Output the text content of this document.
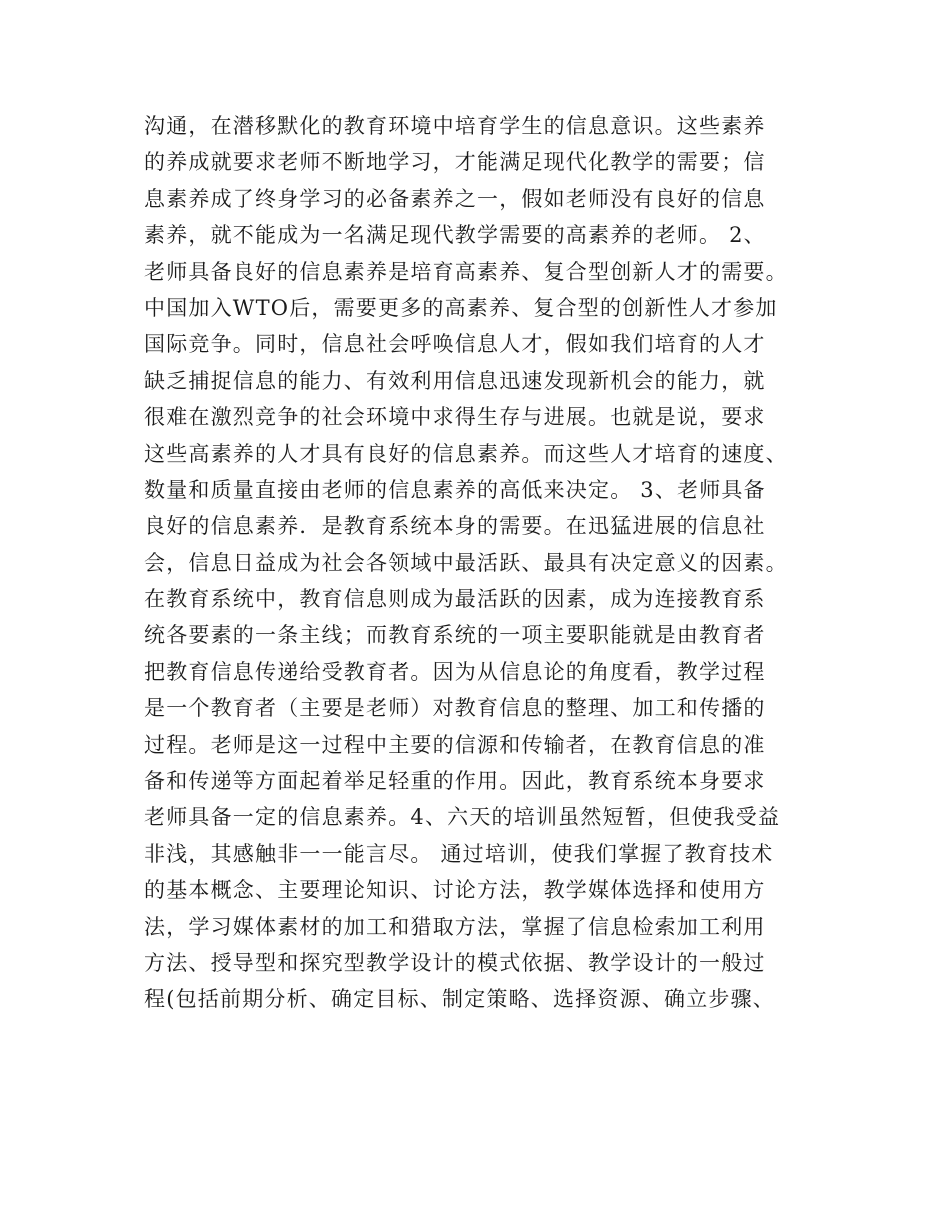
沟通，在潜移默化的教育环境中培育学生的信息意识。这些素养
的养成就要求老师不断地学习，才能满足现代化教学的需要；信
息素养成了终身学习的必备素养之一，假如老师没有良好的信息
素养，就不能成为一名满足现代教学需要的高素养的老师。 2、
老师具备良好的信息素养是培育高素养、复合型创新人才的需要。
中国加入WTO后，需要更多的高素养、复合型的创新性人才参加
国际竞争。同时，信息社会呼唤信息人才，假如我们培育的人才
缺乏捕捉信息的能力、有效利用信息迅速发现新机会的能力，就
很难在激烈竞争的社会环境中求得生存与进展。也就是说，要求
这些高素养的人才具有良好的信息素养。而这些人才培育的速度、
数量和质量直接由老师的信息素养的高低来决定。 3、老师具备
良好的信息素养．是教育系统本身的需要。在迅猛进展的信息社
会，信息日益成为社会各领域中最活跃、最具有决定意义的因素。
在教育系统中，教育信息则成为最活跃的因素，成为连接教育系
统各要素的一条主线；而教育系统的一项主要职能就是由教育者
把教育信息传递给受教育者。因为从信息论的角度看，教学过程
是一个教育者（主要是老师）对教育信息的整理、加工和传播的
过程。老师是这一过程中主要的信源和传输者，在教育信息的准
备和传递等方面起着举足轻重的作用。因此，教育系统本身要求
老师具备一定的信息素养。4、六天的培训虽然短暂，但使我受益
非浅，其感触非一一能言尽。 通过培训，使我们掌握了教育技术
的基本概念、主要理论知识、讨论方法，教学媒体选择和使用方
法，学习媒体素材的加工和猎取方法，掌握了信息检索加工利用
方法、授导型和探究型教学设计的模式依据、教学设计的一般过
程(包括前期分析、确定目标、制定策略、选择资源、确立步骤、
